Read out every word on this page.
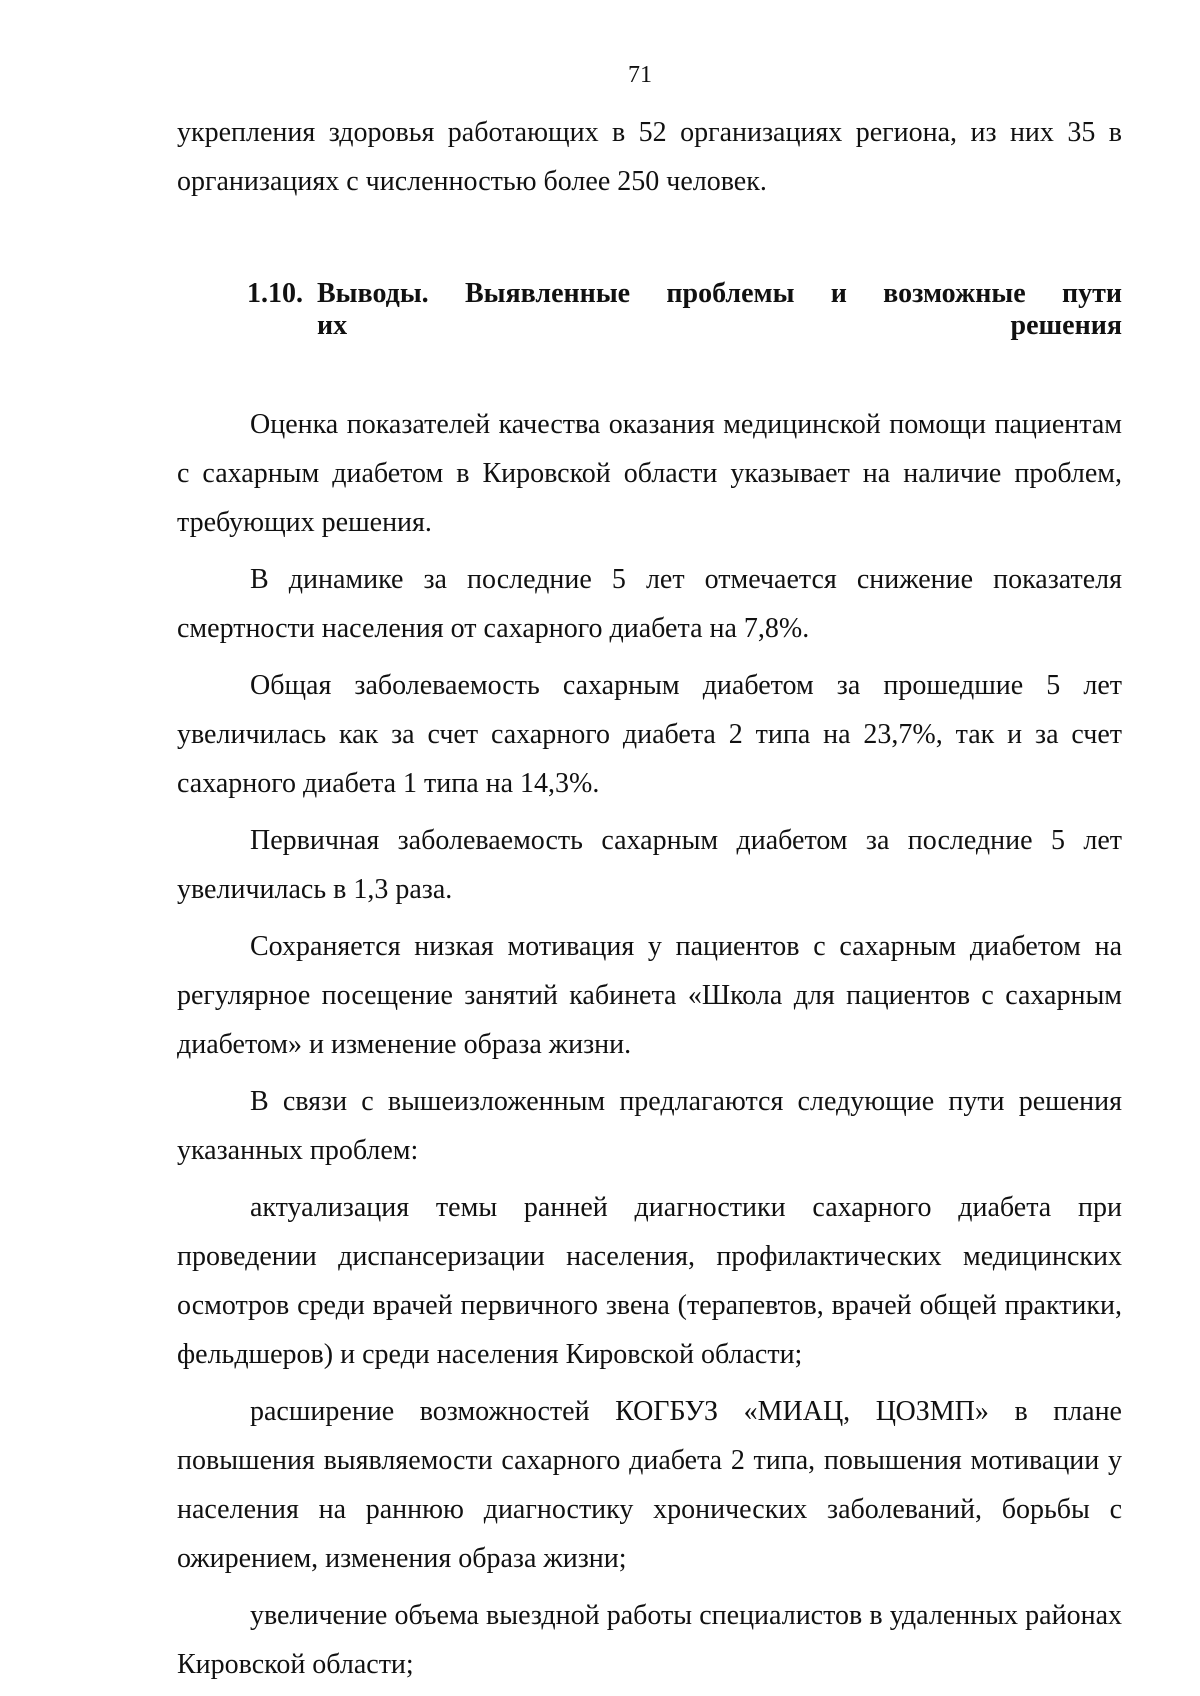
71

укрепления здоровья работающих в 52 организациях региона, из них 35 в организациях с численностью более 250 человек.

1.10. Выводы. Выявленные проблемы и возможные пути
их решения

Оценка показателей качества оказания медицинской помощи пациентам с сахарным диабетом в Кировской области указывает на наличие проблем, требующих решения.

В динамике за последние 5 лет отмечается снижение показателя смертности населения от сахарного диабета на 7,8%.

Общая заболеваемость сахарным диабетом за прошедшие 5 лет увеличилась как за счет сахарного диабета 2 типа на 23,7%, так и за счет сахарного диабета 1 типа на 14,3%.

Первичная заболеваемость сахарным диабетом за последние 5 лет увеличилась в 1,3 раза.

Сохраняется низкая мотивация у пациентов с сахарным диабетом на регулярное посещение занятий кабинета «Школа для пациентов с сахарным диабетом» и изменение образа жизни.

В связи с вышеизложенным предлагаются следующие пути решения указанных проблем:

актуализация темы ранней диагностики сахарного диабета при проведении диспансеризации населения, профилактических медицинских осмотров среди врачей первичного звена (терапевтов, врачей общей практики, фельдшеров) и среди населения Кировской области;

расширение возможностей КОГБУЗ «МИАЦ, ЦОЗМП» в плане повышения выявляемости сахарного диабета 2 типа, повышения мотивации у населения на раннюю диагностику хронических заболеваний, борьбы с ожирением, изменения образа жизни;

увеличение объема выездной работы специалистов в удаленных районах Кировской области;
